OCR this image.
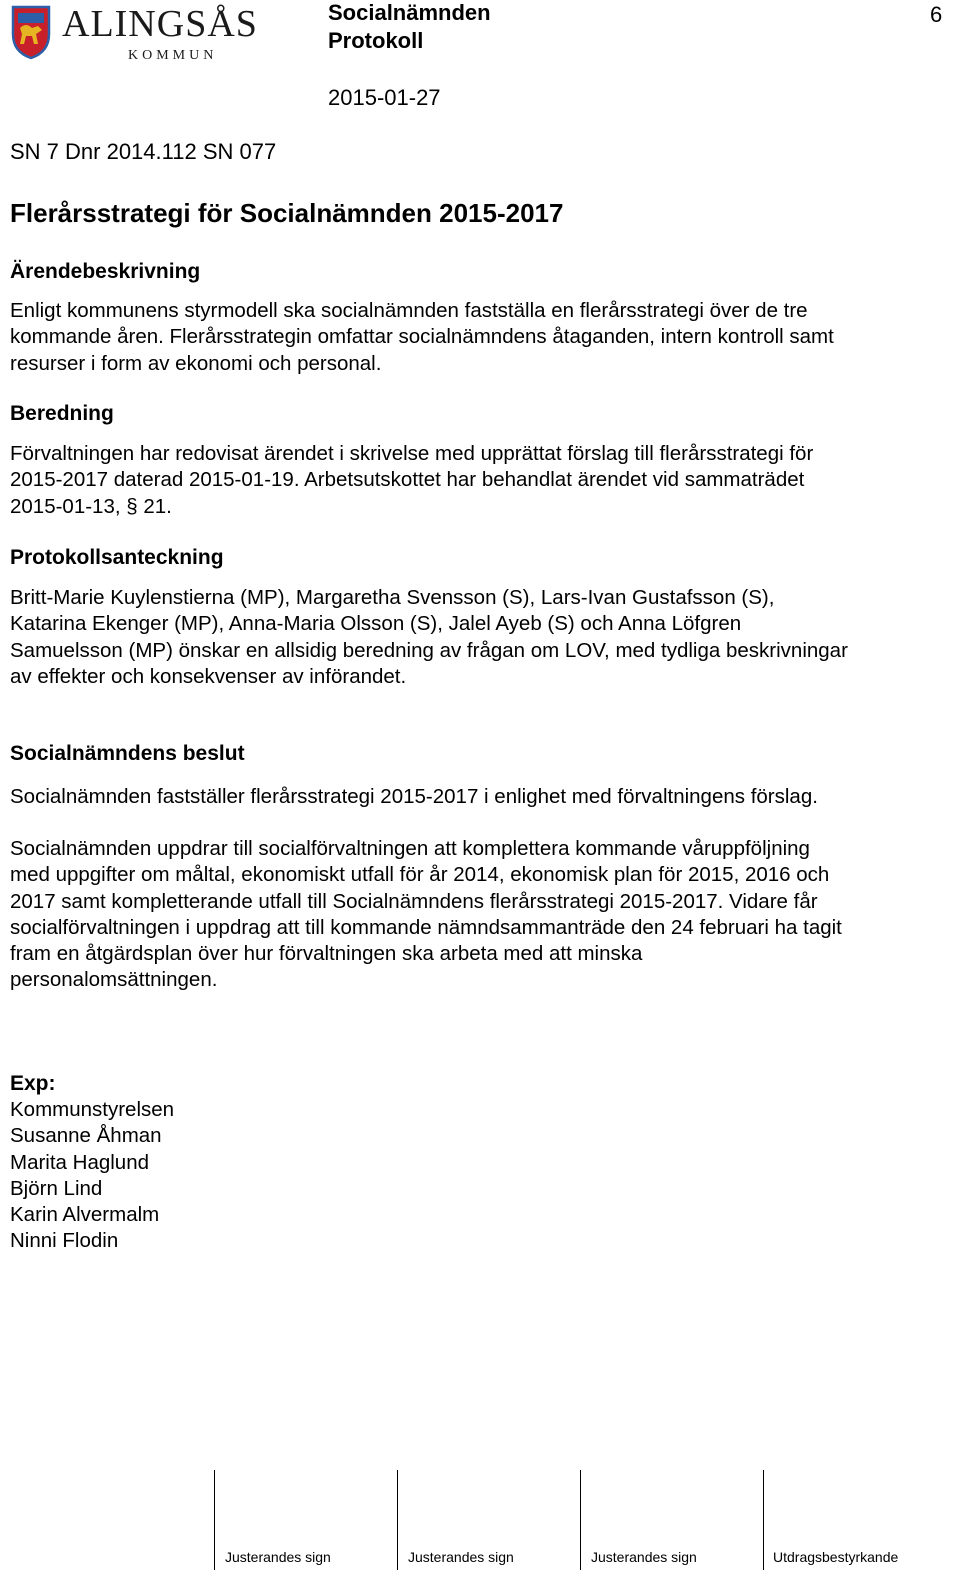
ALINGSÅS
KOMMUN
Socialnämnden
Protokoll
2015-01-27
6
SN 7 Dnr 2014.112 SN 077
Flerårsstrategi för Socialnämnden 2015-2017
Ärendebeskrivning
Enligt kommunens styrmodell ska socialnämnden fastställa en flerårsstrategi över de tre
kommande åren. Flerårsstrategin omfattar socialnämndens åtaganden, intern kontroll samt
resurser i form av ekonomi och personal.
Beredning
Förvaltningen har redovisat ärendet i skrivelse med upprättat förslag till flerårsstrategi för
2015-2017 daterad 2015-01-19. Arbetsutskottet har behandlat ärendet vid sammaträdet
2015-01-13, § 21.
Protokollsanteckning
Britt-Marie Kuylenstierna (MP), Margaretha Svensson (S), Lars-Ivan Gustafsson (S),
Katarina Ekenger (MP), Anna-Maria Olsson (S), Jalel Ayeb (S) och Anna Löfgren
Samuelsson (MP) önskar en allsidig beredning av frågan om LOV, med tydliga beskrivningar
av effekter och konsekvenser av införandet.
Socialnämndens beslut
Socialnämnden fastställer flerårsstrategi 2015-2017 i enlighet med förvaltningens förslag.
Socialnämnden uppdrar till socialförvaltningen att komplettera kommande våruppföljning
med uppgifter om måltal, ekonomiskt utfall för år 2014, ekonomisk plan för 2015, 2016 och
2017 samt kompletterande utfall till Socialnämndens flerårsstrategi 2015-2017. Vidare får
socialförvaltningen i uppdrag att till kommande nämndsammanträde den 24 februari ha tagit
fram en åtgärdsplan över hur förvaltningen ska arbeta med att minska
personalomsättningen.
Exp:
Kommunstyrelsen
Susanne Åhman
Marita Haglund
Björn Lind
Karin Alvermalm
Ninni Flodin
Justerandes sign	Justerandes sign	Justerandes sign	Utdragsbestyrkande
